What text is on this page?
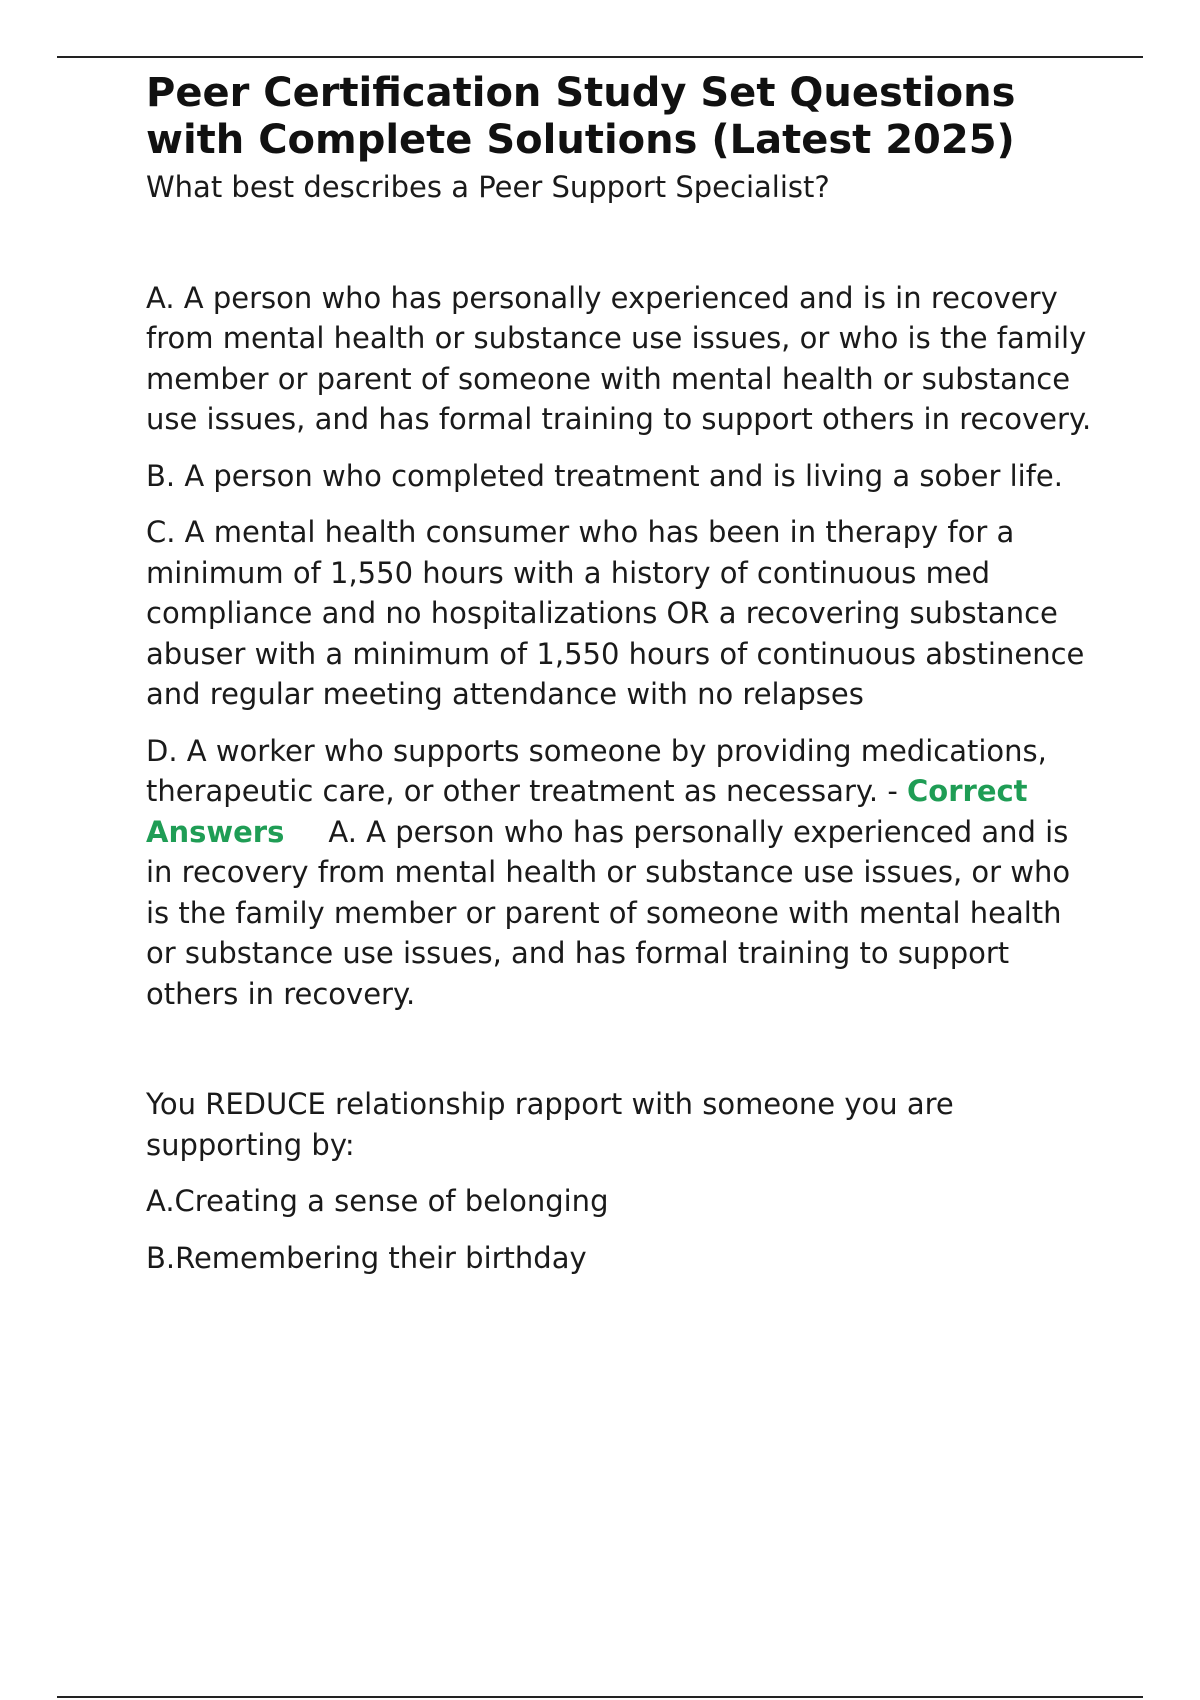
Peer Certification Study Set Questions with Complete Solutions (Latest 2025)

What best describes a Peer Support Specialist?

A. A person who has personally experienced and is in recovery from mental health or substance use issues, or who is the family member or parent of someone with mental health or substance use issues, and has formal training to support others in recovery.

B. A person who completed treatment and is living a sober life.

C. A mental health consumer who has been in therapy for a minimum of 1,550 hours with a history of continuous med compliance and no hospitalizations OR a recovering substance abuser with a minimum of 1,550 hours of continuous abstinence and regular meeting attendance with no relapses

D. A worker who supports someone by providing medications, therapeutic care, or other treatment as necessary. - Correct Answers A. A person who has personally experienced and is in recovery from mental health or substance use issues, or who is the family member or parent of someone with mental health or substance use issues, and has formal training to support others in recovery.

You REDUCE relationship rapport with someone you are supporting by:

A.Creating a sense of belonging

B.Remembering their birthday
